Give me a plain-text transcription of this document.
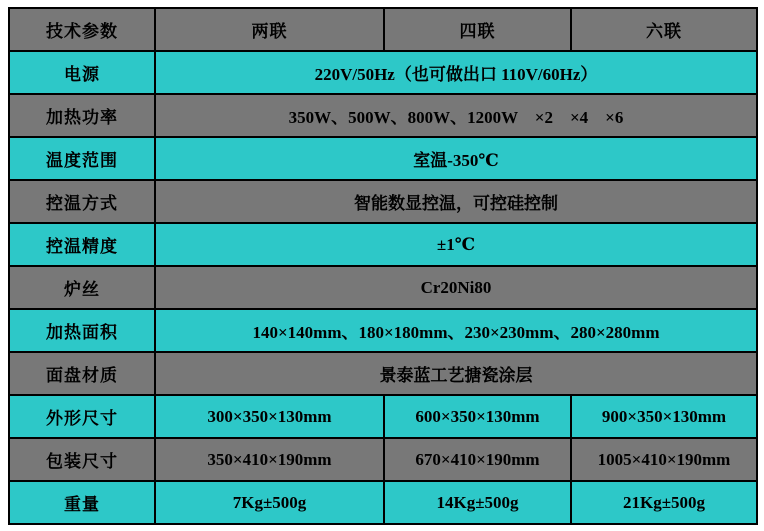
技术参数	两联	四联	六联
电源	220V/50Hz（也可做出口 110V/60Hz）		
加热功率	350W、500W、800W、1200W　×2　×4　×6		
温度范围	室温-350℃		
控温方式	智能数显控温，可控硅控制		
控温精度	±1℃		
炉丝	Cr20Ni80		
加热面积	140×140mm、180×180mm、230×230mm、280×280mm		
面盘材质	景泰蓝工艺搪瓷涂层		
外形尺寸	300×350×130mm	600×350×130mm	900×350×130mm
包装尺寸	350×410×190mm	670×410×190mm	1005×410×190mm
重量	7Kg±500g	14Kg±500g	21Kg±500g
